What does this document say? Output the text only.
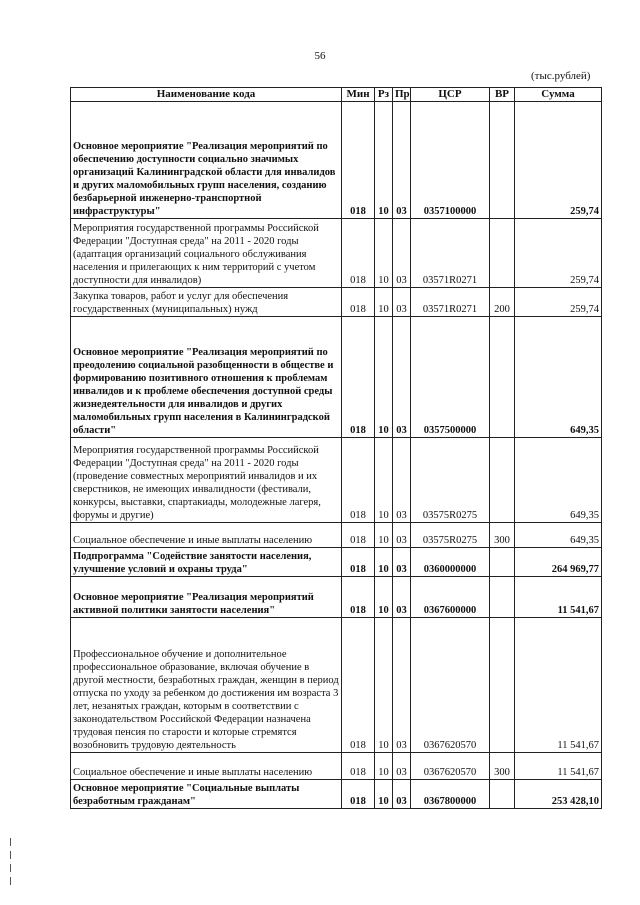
56
(тыс.рублей)
Наименование кода	Мин	Рз	Пр	ЦСР	ВР	Сумма
Основное мероприятие "Реализация мероприятий по обеспечению доступности социально значимых организаций Калининградской области для инвалидов и других маломобильных групп населения, созданию безбарьерной инженерно-транспортной инфраструктуры"	018	10	03	0357100000		259,74
Мероприятия государственной программы Российской Федерации "Доступная среда" на 2011 - 2020 годы (адаптация организаций социального обслуживания населения и прилегающих к ним территорий с учетом доступности для инвалидов)	018	10	03	03571R0271		259,74
Закупка товаров, работ и услуг для обеспечения государственных (муниципальных) нужд	018	10	03	03571R0271	200	259,74
Основное мероприятие "Реализация мероприятий по преодолению социальной разобщенности в обществе и формированию позитивного отношения к проблемам инвалидов и к проблеме обеспечения доступной среды жизнедеятельности для инвалидов и других маломобильных групп населения в Калининградской области"	018	10	03	0357500000		649,35
Мероприятия государственной программы Российской Федерации "Доступная среда" на 2011 - 2020 годы (проведение совместных мероприятий инвалидов и их сверстников, не имеющих инвалидности (фестивали, конкурсы, выставки, спартакиады, молодежные лагеря, форумы и другие)	018	10	03	03575R0275		649,35
Социальное обеспечение и иные выплаты населению	018	10	03	03575R0275	300	649,35
Подпрограмма "Содействие занятости населения, улучшение условий и охраны труда"	018	10	03	0360000000		264 969,77
Основное мероприятие "Реализация мероприятий активной политики занятости населения"	018	10	03	0367600000		11 541,67
Профессиональное обучение и дополнительное профессиональное образование, включая обучение в другой местности, безработных граждан, женщин в период отпуска по уходу за ребенком до достижения им возраста 3 лет, незанятых граждан, которым в соответствии с законодательством Российской Федерации назначена трудовая пенсия по старости и которые стремятся возобновить трудовую деятельность	018	10	03	0367620570		11 541,67
Социальное обеспечение и иные выплаты населению	018	10	03	0367620570	300	11 541,67
Основное мероприятие "Социальные выплаты безработным гражданам"	018	10	03	0367800000		253 428,10
